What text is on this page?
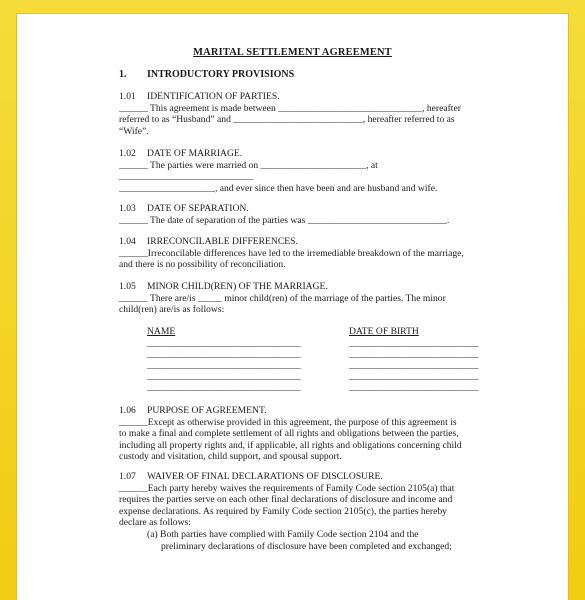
MARITAL SETTLEMENT AGREEMENT
1. INTRODUCTORY PROVISIONS
1.01 IDENTIFICATION OF PARTIES.

______ This agreement is made between ______________________________, hereafter

referred to as “Husband” and ___________________________, hereafter referred to as

“Wife”.

1.02 DATE OF MARRIAGE.

______ The parties were married on ______________________, at

____________________________

____________________, and ever since then have been and are husband and wife.

1.03 DATE OF SEPARATION.

______ The date of separation of the parties was _____________________________.

1.04 IRRECONCILABLE DIFFERENCES.

______Irreconcilable differences have led to the irremediable breakdown of the marriage,

and there is no possibility of reconciliation.

1.05 MINOR CHILD(REN) OF THE MARRIAGE.

______ There are/is _____ minor child(ren) of the marriage of the parties. The minor

child(ren) are/is as follows:

NAME
________________________________
________________________________
________________________________
________________________________
________________________________
DATE OF BIRTH
___________________________
___________________________
___________________________
___________________________
___________________________
1.06 PURPOSE OF AGREEMENT.

______Except as otherwise provided in this agreement, the purpose of this agreement is

to make a final and complete settlement of all rights and obligations between the parties,

including all property rights and, if applicable, all rights and obligations concerning child

custody and visitation, child support, and spousal support.

1.07 WAIVER OF FINAL DECLARATIONS OF DISCLOSURE.

______Each party hereby waives the requirements of Family Code section 2105(a) that

requires the parties serve on each other final declarations of disclosure and income and

expense declarations. As required by Family Code section 2105(c), the parties hereby

declare as follows:

(a) Both parties have complied with Family Code section 2104 and the

preliminary declarations of disclosure have been completed and exchanged;
